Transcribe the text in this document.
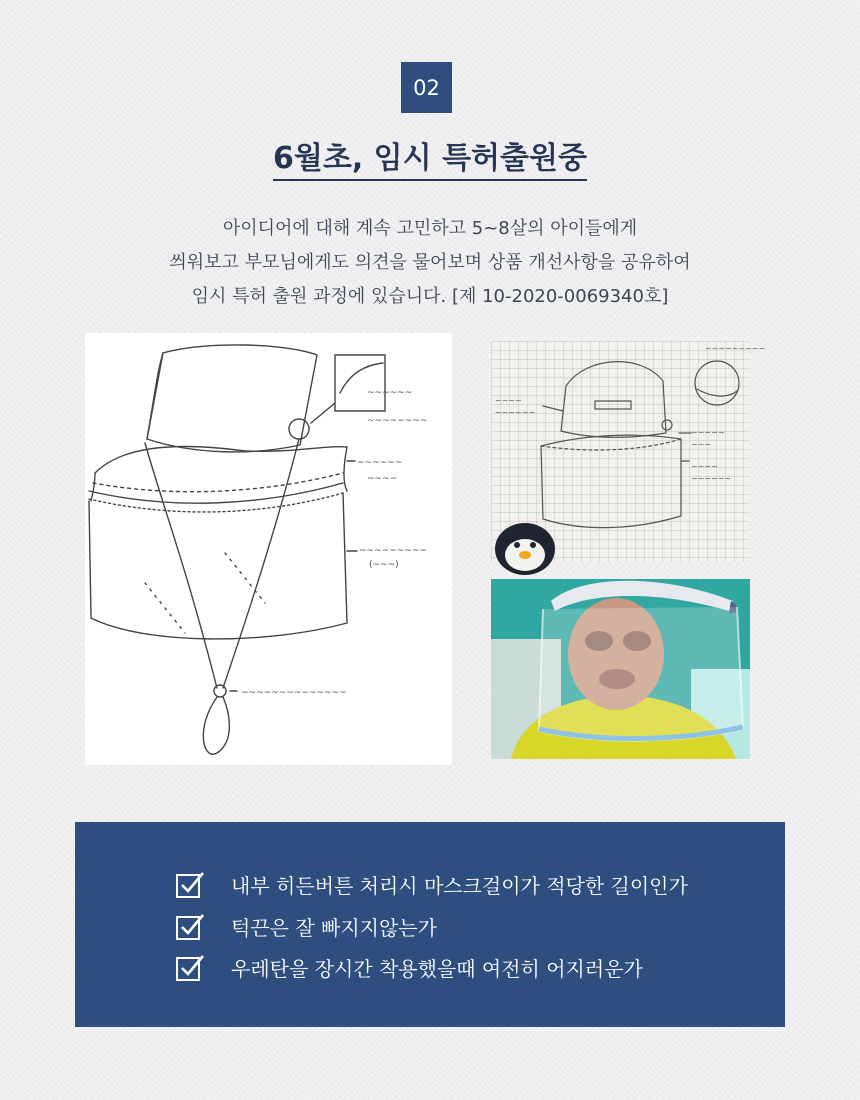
02
6월초, 임시 특허출원중
아이디어에 대해 계속 고민하고 5~8살의 아이들에게
씌워보고 부모님에게도 의견을 물어보며 상품 개선사항을 공유하여
임시 특허 출원 과정에 있습니다. [제 10-2020-0069340호]
~~~~~~
~~~~~~~~
~~~~~~
~~~~
~~~~~~~~~
(~~~)
~~~~~~~~~~~~~~
~~~~
~~~~~~
~~~~~
~~~
~~~~
~~~~~~
~~~~~~~~~
내부 히든버튼 처리시 마스크걸이가 적당한 길이인가
턱끈은 잘 빠지지않는가
우레탄을 장시간 착용했을때 여전히 어지러운가
